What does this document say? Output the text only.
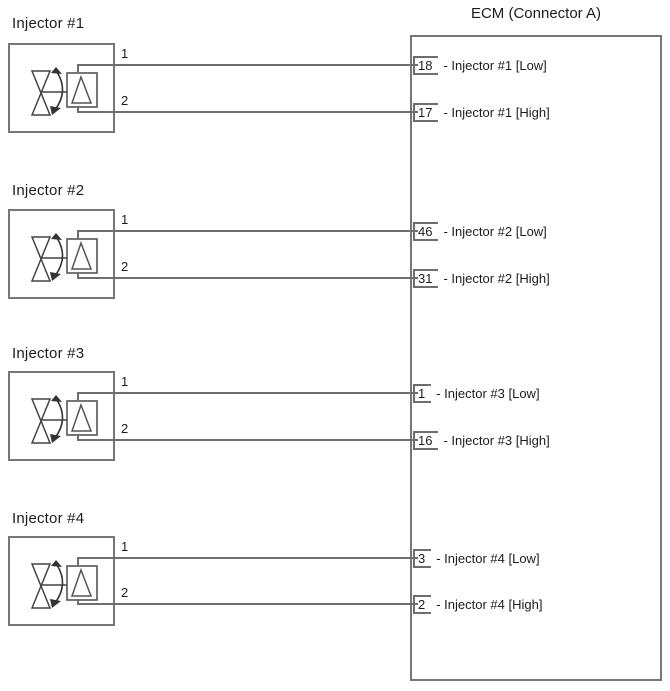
ECM (Connector A)
Injector #1
1
2
18 - Injector #1 [Low]
17 - Injector #1 [High]
Injector #2
1
2
46 - Injector #2 [Low]
31 - Injector #2 [High]
Injector #3
1
2
1 - Injector #3 [Low]
16 - Injector #3 [High]
Injector #4
1
2
3 - Injector #4 [Low]
2 - Injector #4 [High]
